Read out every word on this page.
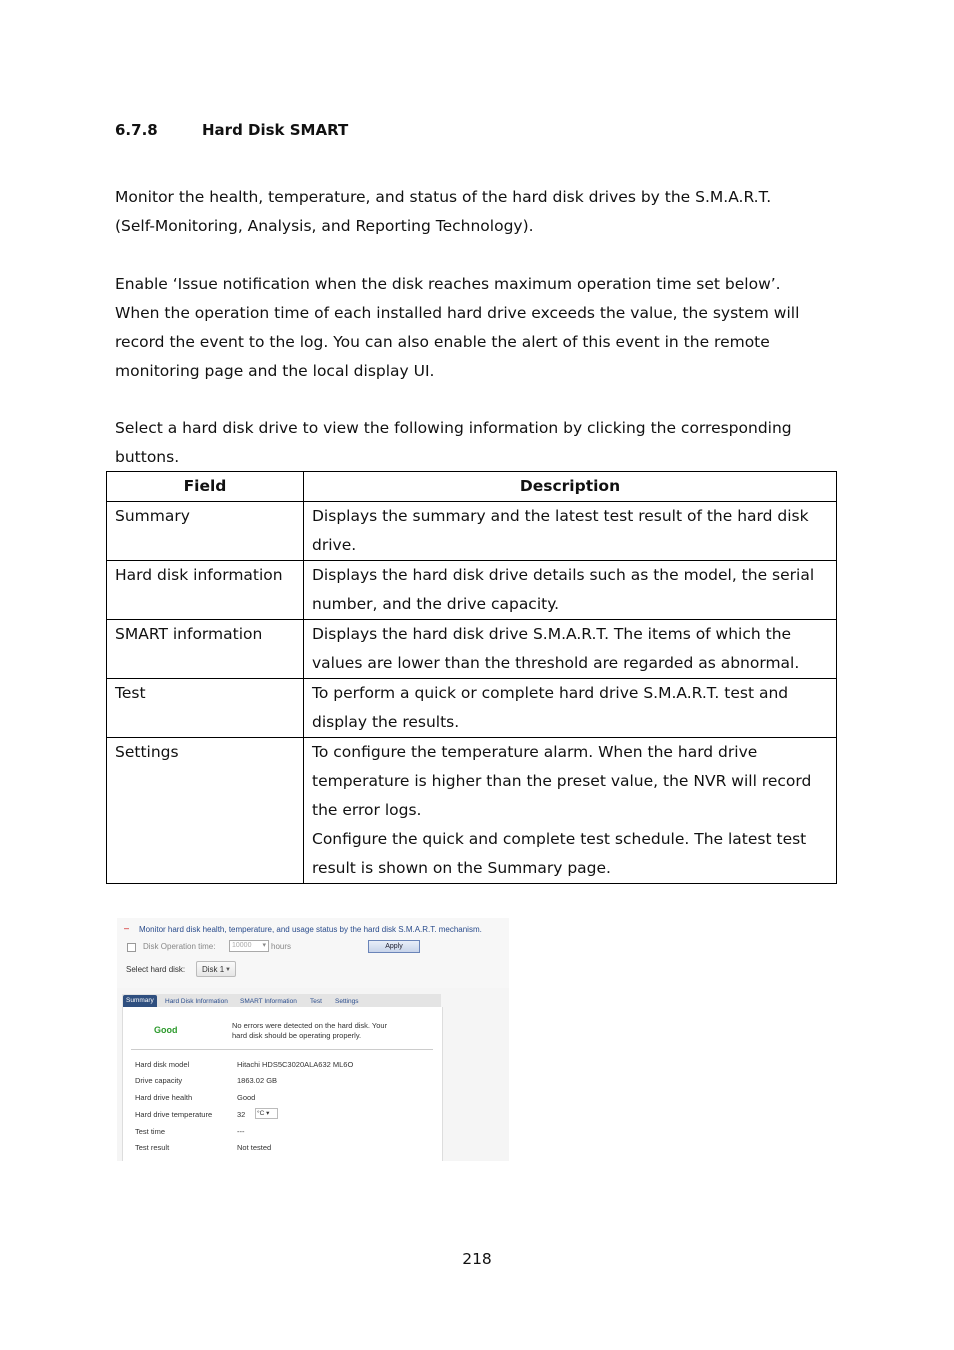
6.7.8	Hard Disk SMART
Monitor the health, temperature, and status of the hard disk drives by the S.M.A.R.T.
(Self-Monitoring, Analysis, and Reporting Technology).
Enable ‘Issue notification when the disk reaches maximum operation time set below’.
When the operation time of each installed hard drive exceeds the value, the system will
record the event to the log. You can also enable the alert of this event in the remote
monitoring page and the local display UI.
Select a hard disk drive to view the following information by clicking the corresponding
buttons.
Field	Description
Summary	Displays the summary and the latest test result of the hard disk

drive.

Hard disk information	Displays the hard disk drive details such as the model, the serial

number, and the drive capacity.

SMART information	Displays the hard disk drive S.M.A.R.T. The items of which the

values are lower than the threshold are regarded as abnormal.

Test	To perform a quick or complete hard drive S.M.A.R.T. test and

display the results.

Settings	To configure the temperature alarm. When the hard drive

temperature is higher than the preset value, the NVR will record

the error logs.

Configure the quick and complete test schedule. The latest test

result is shown on the Summary page.

– Monitor hard disk health, temperature, and usage status by the hard disk S.M.A.R.T. mechanism.
Disk Operation time:	10000 ▾ hours	Apply
Select hard disk:	Disk 1 ▼
Summary	Hard Disk Information SMART Information Test Settings
Good	No errors were detected on the hard disk. Your
hard disk should be operating properly.
Hard disk model	Hitachi HDS5C3020ALA632 ML6O
Drive capacity	1863.02 GB
Hard drive health	Good
Hard drive temperature	32	°C ▾
Test time	---
Test result	Not tested
218
